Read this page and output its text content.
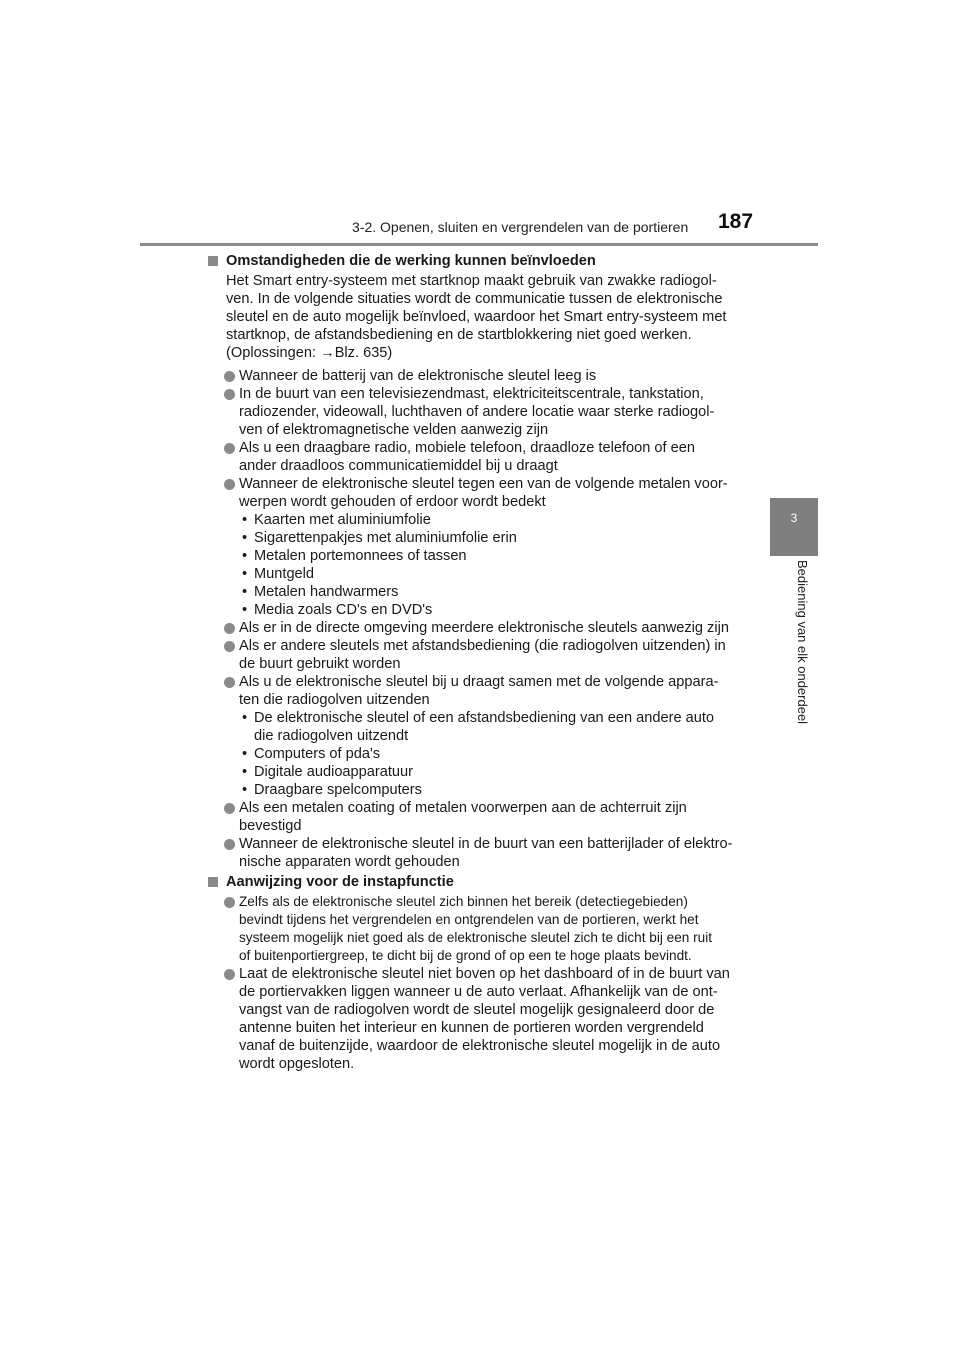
3-2. Openen, sluiten en vergrendelen van de portieren 187
3
Bediening van elk onderdeel
Omstandigheden die de werking kunnen beïnvloeden
Het Smart entry-systeem met startknop maakt gebruik van zwakke radiogol-
ven. In de volgende situaties wordt de communicatie tussen de elektronische
sleutel en de auto mogelijk beïnvloed, waardoor het Smart entry-systeem met
startknop, de afstandsbediening en de startblokkering niet goed werken.
(Oplossingen: →Blz. 635)
Wanneer de batterij van de elektronische sleutel leeg is
In de buurt van een televisiezendmast, elektriciteitscentrale, tankstation,
radiozender, videowall, luchthaven of andere locatie waar sterke radiogol-
ven of elektromagnetische velden aanwezig zijn
Als u een draagbare radio, mobiele telefoon, draadloze telefoon of een
ander draadloos communicatiemiddel bij u draagt
Wanneer de elektronische sleutel tegen een van de volgende metalen voor-
werpen wordt gehouden of erdoor wordt bedekt
• Kaarten met aluminiumfolie
• Sigarettenpakjes met aluminiumfolie erin
• Metalen portemonnees of tassen
• Muntgeld
• Metalen handwarmers
• Media zoals CD's en DVD's
Als er in de directe omgeving meerdere elektronische sleutels aanwezig zijn
Als er andere sleutels met afstandsbediening (die radiogolven uitzenden) in
de buurt gebruikt worden
Als u de elektronische sleutel bij u draagt samen met de volgende appara-
ten die radiogolven uitzenden
• De elektronische sleutel of een afstandsbediening van een andere auto
die radiogolven uitzendt
• Computers of pda's
• Digitale audioapparatuur
• Draagbare spelcomputers
Als een metalen coating of metalen voorwerpen aan de achterruit zijn
bevestigd
Wanneer de elektronische sleutel in de buurt van een batterijlader of elektro-
nische apparaten wordt gehouden
Aanwijzing voor de instapfunctie
Zelfs als de elektronische sleutel zich binnen het bereik (detectiegebieden)
bevindt tijdens het vergrendelen en ontgrendelen van de portieren, werkt het
systeem mogelijk niet goed als de elektronische sleutel zich te dicht bij een ruit
of buitenportiergreep, te dicht bij de grond of op een te hoge plaats bevindt.
Laat de elektronische sleutel niet boven op het dashboard of in de buurt van
de portiervakken liggen wanneer u de auto verlaat. Afhankelijk van de ont-
vangst van de radiogolven wordt de sleutel mogelijk gesignaleerd door de
antenne buiten het interieur en kunnen de portieren worden vergrendeld
vanaf de buitenzijde, waardoor de elektronische sleutel mogelijk in de auto
wordt opgesloten.
